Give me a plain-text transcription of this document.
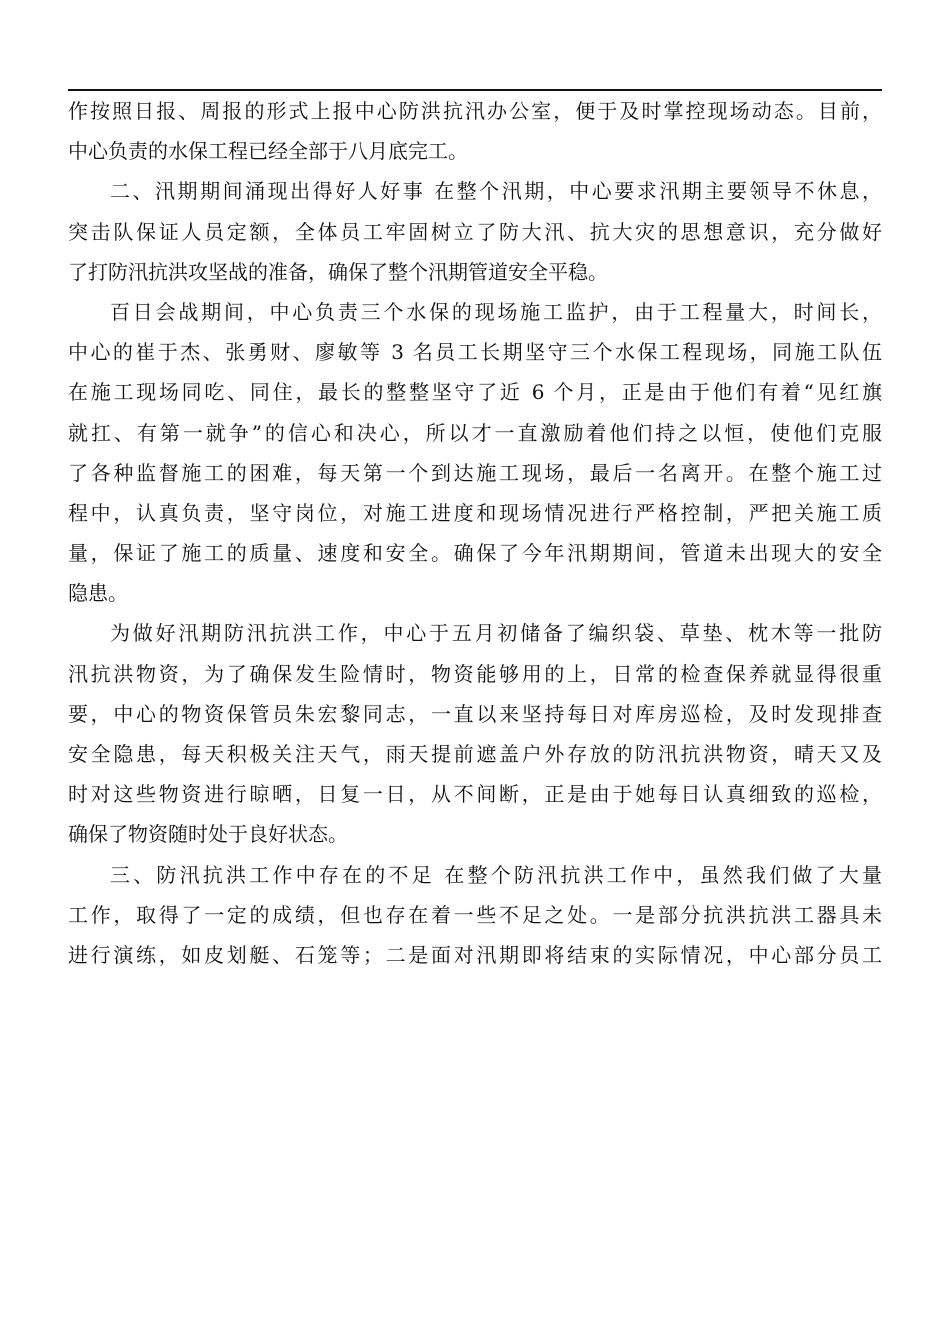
作按照日报、周报的形式上报中心防洪抗汛办公室，便于及时掌控现场动态。目前，
中心负责的水保工程已经全部于八月底完工。
二、汛期期间涌现出得好人好事 在整个汛期，中心要求汛期主要领导不休息，
突击队保证人员定额，全体员工牢固树立了防大汛、抗大灾的思想意识，充分做好
了打防汛抗洪攻坚战的准备，确保了整个汛期管道安全平稳。
百日会战期间，中心负责三个水保的现场施工监护，由于工程量大，时间长，
中心的崔于杰、张勇财、廖敏等 3 名员工长期坚守三个水保工程现场，同施工队伍
在施工现场同吃、同住，最长的整整坚守了近 6 个月，正是由于他们有着“见红旗
就扛、有第一就争”的信心和决心，所以才一直激励着他们持之以恒，使他们克服
了各种监督施工的困难，每天第一个到达施工现场，最后一名离开。在整个施工过
程中，认真负责，坚守岗位，对施工进度和现场情况进行严格控制，严把关施工质
量，保证了施工的质量、速度和安全。确保了今年汛期期间，管道未出现大的安全
隐患。
为做好汛期防汛抗洪工作，中心于五月初储备了编织袋、草垫、枕木等一批防
汛抗洪物资，为了确保发生险情时，物资能够用的上，日常的检查保养就显得很重
要，中心的物资保管员朱宏黎同志，一直以来坚持每日对库房巡检，及时发现排查
安全隐患，每天积极关注天气，雨天提前遮盖户外存放的防汛抗洪物资，晴天又及
时对这些物资进行晾晒，日复一日，从不间断，正是由于她每日认真细致的巡检，
确保了物资随时处于良好状态。
三、防汛抗洪工作中存在的不足 在整个防汛抗洪工作中，虽然我们做了大量
工作，取得了一定的成绩，但也存在着一些不足之处。一是部分抗洪抗洪工器具未
进行演练，如皮划艇、石笼等；二是面对汛期即将结束的实际情况，中心部分员工
